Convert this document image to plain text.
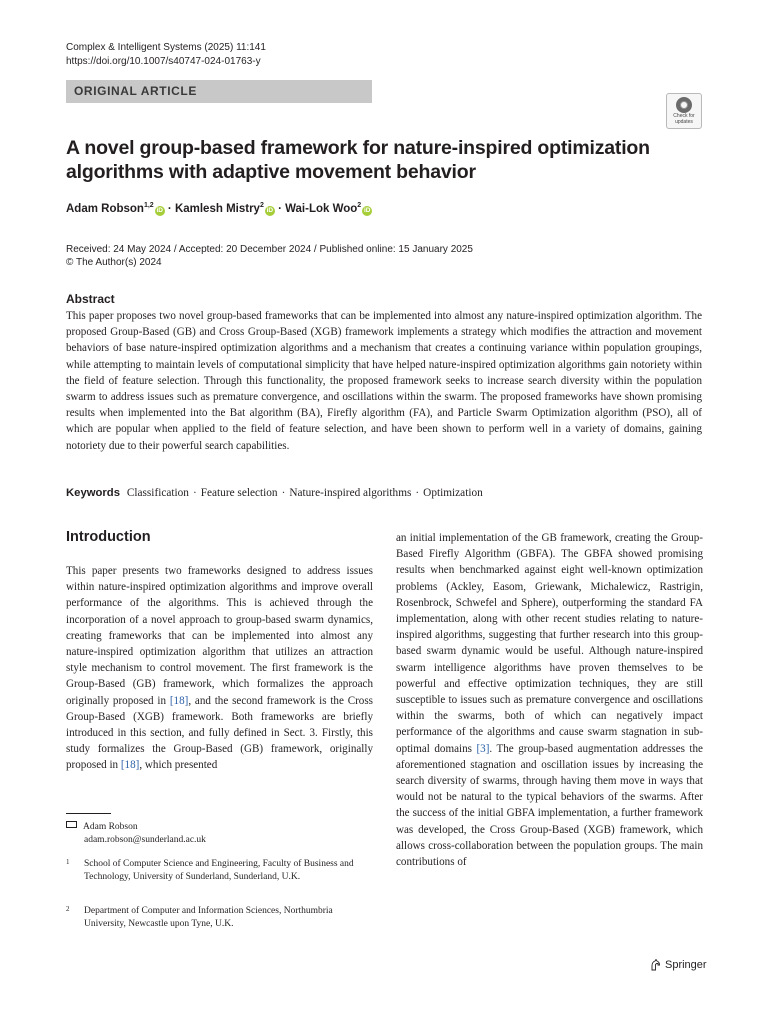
Complex & Intelligent Systems (2025) 11:141
https://doi.org/10.1007/s40747-024-01763-y
ORIGINAL ARTICLE
Check for
updates
A novel group-based framework for nature-inspired optimization algorithms with adaptive movement behavior
Adam Robson$^{1,2}$iD · Kamlesh Mistry$^2$iD · Wai-Lok Woo$^2$iD
Received: 24 May 2024 / Accepted: 20 December 2024 / Published online: 15 January 2025
© The Author(s) 2024
Abstract

This paper proposes two novel group-based frameworks that can be implemented into almost any nature-inspired optimization algorithm. The proposed Group-Based (GB) and Cross Group-Based (XGB) framework implements a strategy which modifies the attraction and movement behaviors of base nature-inspired optimization algorithms and a mechanism that creates a continuing variance within population groupings, while attempting to maintain levels of computational simplicity that have helped nature-inspired optimization algorithms gain notoriety within the field of feature selection. Through this functionality, the proposed framework seeks to increase search diversity within the population swarm to address issues such as premature convergence, and oscillations within the swarm. The proposed frameworks have shown promising results when implemented into the Bat algorithm (BA), Firefly algorithm (FA), and Particle Swarm Optimization algorithm (PSO), all of which are popular when applied to the field of feature selection, and have been shown to perform well in a variety of domains, gaining notoriety due to their powerful search capabilities.

Keywords Classification · Feature selection · Nature-inspired algorithms · Optimization
Introduction

This paper presents two frameworks designed to address issues within nature-inspired optimization algorithms and improve overall performance of the algorithms. This is achieved through the incorporation of a novel approach to group-based swarm dynamics, creating frameworks that can be implemented into almost any nature-inspired optimization algorithm that utilizes an attraction style mechanism to control movement. The first framework is the Group-Based (GB) framework, which formalizes the approach originally proposed in [18], and the second framework is the Cross Group-Based (XGB) framework. Both frameworks are briefly introduced in this section, and fully defined in Sect. 3. Firstly, this study formalizes the Group-Based (GB) framework, originally proposed in [18], which presented

an initial implementation of the GB framework, creating the Group-Based Firefly Algorithm (GBFA). The GBFA showed promising results when benchmarked against eight well-known optimization problems (Ackley, Easom, Griewank, Michalewicz, Rastrigin, Rosenbrock, Schwefel and Sphere), outperforming the standard FA implementation, along with other recent studies relating to nature-inspired algorithms, suggesting that further research into this group-based swarm dynamic would be useful. Although nature-inspired swarm intelligence algorithms have proven themselves to be powerful and effective optimization techniques, they are still susceptible to issues such as premature convergence and oscillations within the swarms, both of which can negatively impact performance of the algorithms and cause swarm stagnation in sub-optimal domains [3]. The group-based augmentation addresses the aforementioned stagnation and oscillation issues by increasing the search diversity of swarms, through having them move in ways that would not be natural to the typical behaviors of the swarms. After the success of the initial GBFA implementation, a further framework was developed, the Cross Group-Based (XGB) framework, which allows cross-collaboration between the population groups. The main contributions of

Adam Robson
adam.robson@sunderland.ac.uk
1 School of Computer Science and Engineering, Faculty of Business and Technology, University of Sunderland, Sunderland, U.K.
2 Department of Computer and Information Sciences, Northumbria University, Newcastle upon Tyne, U.K.
Springer
